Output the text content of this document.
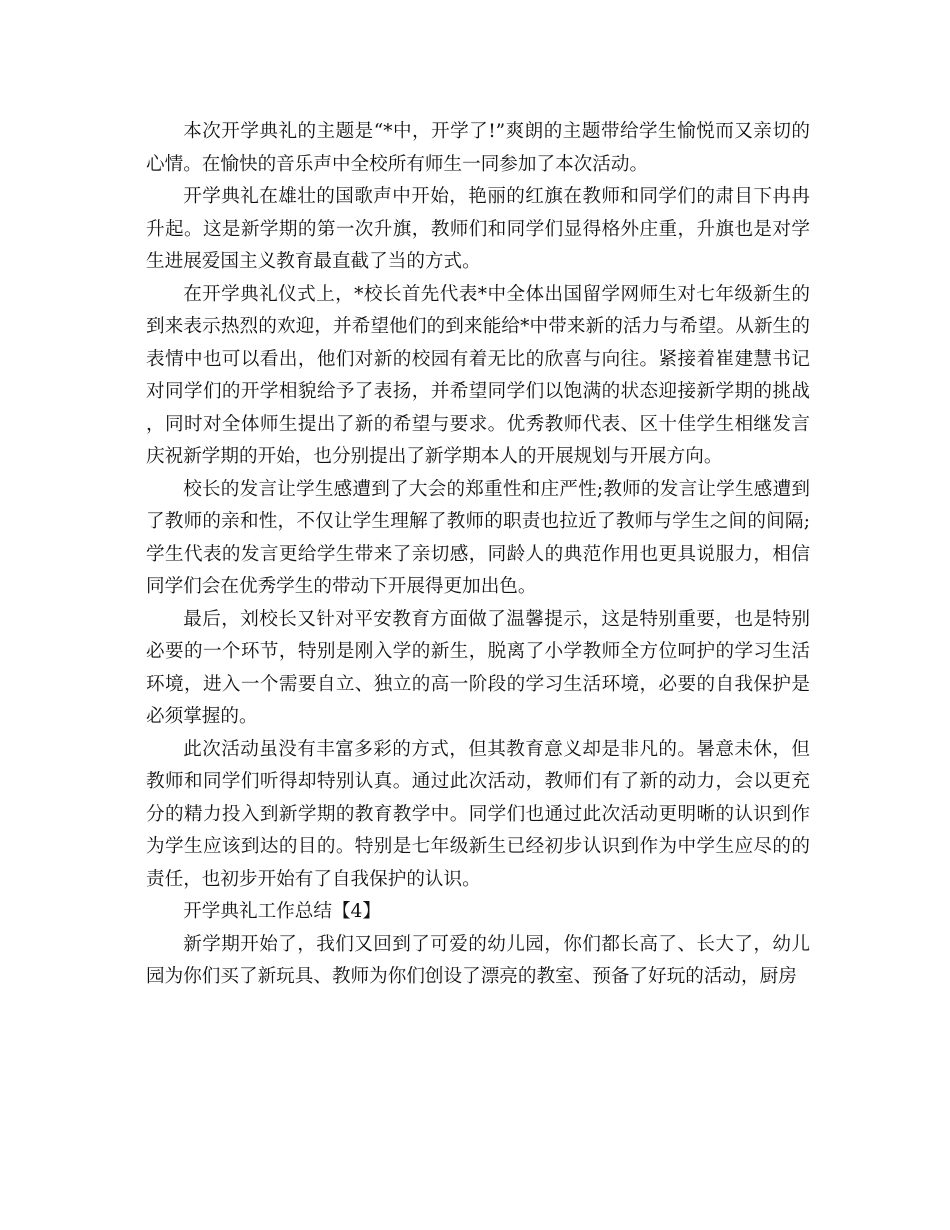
本次开学典礼的主题是“*中，开学了!”爽朗的主题带给学生愉悦而又亲切的心情。在愉快的音乐声中全校所有师生一同参加了本次活动。

开学典礼在雄壮的国歌声中开始，艳丽的红旗在教师和同学们的肃目下冉冉升起。这是新学期的第一次升旗，教师们和同学们显得格外庄重，升旗也是对学生进展爱国主义教育最直截了当的方式。

在开学典礼仪式上，*校长首先代表*中全体出国留学网师生对七年级新生的到来表示热烈的欢迎，并希望他们的到来能给*中带来新的活力与希望。从新生的表情中也可以看出，他们对新的校园有着无比的欣喜与向往。紧接着崔建慧书记对同学们的开学相貌给予了表扬，并希望同学们以饱满的状态迎接新学期的挑战，同时对全体师生提出了新的希望与要求。优秀教师代表、区十佳学生相继发言庆祝新学期的开始，也分别提出了新学期本人的开展规划与开展方向。

校长的发言让学生感遭到了大会的郑重性和庄严性;教师的发言让学生感遭到了教师的亲和性，不仅让学生理解了教师的职责也拉近了教师与学生之间的间隔;学生代表的发言更给学生带来了亲切感，同龄人的典范作用也更具说服力，相信同学们会在优秀学生的带动下开展得更加出色。

最后，刘校长又针对平安教育方面做了温馨提示，这是特别重要，也是特别必要的一个环节，特别是刚入学的新生，脱离了小学教师全方位呵护的学习生活环境，进入一个需要自立、独立的高一阶段的学习生活环境，必要的自我保护是必须掌握的。

此次活动虽没有丰富多彩的方式，但其教育意义却是非凡的。暑意未休，但教师和同学们听得却特别认真。通过此次活动，教师们有了新的动力，会以更充分的精力投入到新学期的教育教学中。同学们也通过此次活动更明晰的认识到作为学生应该到达的目的。特别是七年级新生已经初步认识到作为中学生应尽的的责任，也初步开始有了自我保护的认识。

开学典礼工作总结【4】

新学期开始了，我们又回到了可爱的幼儿园，你们都长高了、长大了，幼儿园为你们买了新玩具、教师为你们创设了漂亮的教室、预备了好玩的活动，厨房
